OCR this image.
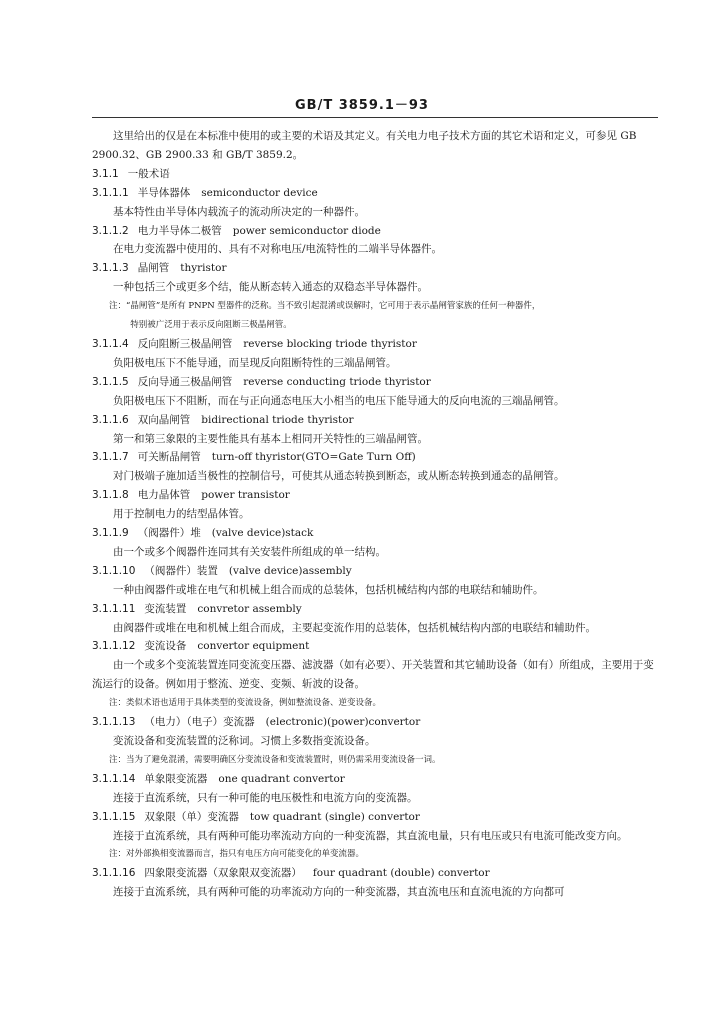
GB/T 3859.1－93

这里给出的仅是在本标准中使用的或主要的术语及其定义。有关电力电子技术方面的其它术语和定义，可参见 GB 2900.32、GB 2900.33 和 GB/T 3859.2。

3.1.1 一般术语

3.1.1.1 半导体器体 semiconductor device

基本特性由半导体内载流子的流动所决定的一种器件。

3.1.1.2 电力半导体二极管 power semiconductor diode

在电力变流器中使用的、具有不对称电压/电流特性的二端半导体器件。

3.1.1.3 晶闸管 thyristor

一种包括三个或更多个结，能从断态转入通态的双稳态半导体器件。

注：“晶闸管”是所有 PNPN 型器件的泛称。当不致引起混淆或误解时，它可用于表示晶闸管家族的任何一种器件，

特别被广泛用于表示反向阻断三极晶闸管。

3.1.1.4 反向阻断三极晶闸管 reverse blocking triode thyristor

负阳极电压下不能导通，而呈现反向阻断特性的三端晶闸管。

3.1.1.5 反向导通三极晶闸管 reverse conducting triode thyristor

负阳极电压下不阻断，而在与正向通态电压大小相当的电压下能导通大的反向电流的三端晶闸管。

3.1.1.6 双向晶闸管 bidirectional triode thyristor

第一和第三象限的主要性能具有基本上相同开关特性的三端晶闸管。

3.1.1.7 可关断晶闸管 turn-off thyristor(GTO=Gate Turn Off)

对门极端子施加适当极性的控制信号，可使其从通态转换到断态，或从断态转换到通态的晶闸管。

3.1.1.8 电力晶体管 power transistor

用于控制电力的结型晶体管。

3.1.1.9 （阀器件）堆 (valve device)stack

由一个或多个阀器件连同其有关安装件所组成的单一结构。

3.1.1.10 （阀器件）装置 (valve device)assembly

一种由阀器件或堆在电气和机械上组合而成的总装体，包括机械结构内部的电联结和辅助件。

3.1.1.11 变流装置 convretor assembly

由阀器件或堆在电和机械上组合而成，主要起变流作用的总装体，包括机械结构内部的电联结和辅助件。

3.1.1.12 变流设备 convertor equipment

由一个或多个变流装置连同变流变压器、滤波器（如有必要）、开关装置和其它辅助设备（如有）所组成，主要用于变流运行的设备。例如用于整流、逆变、变频、斩波的设备。

注：类似术语也适用于具体类型的变流设备，例如整流设备、逆变设备。

3.1.1.13 （电力）（电子）变流器 (electronic)(power)convertor

变流设备和变流装置的泛称词。习惯上多数指变流设备。

注：当为了避免混淆，需要明确区分变流设备和变流装置时，则仍需采用变流设备一词。

3.1.1.14 单象限变流器 one quadrant convertor

连接于直流系统，只有一种可能的电压极性和电流方向的变流器。

3.1.1.15 双象限（单）变流器 tow quadrant (single) convertor

连接于直流系统，具有两种可能功率流动方向的一种变流器，其直流电量，只有电压或只有电流可能改变方向。

注：对外部换相变流器而言，指只有电压方向可能变化的单变流器。

3.1.1.16 四象限变流器（双象限双变流器） four quadrant (double) convertor

连接于直流系统，具有两种可能的功率流动方向的一种变流器，其直流电压和直流电流的方向都可
